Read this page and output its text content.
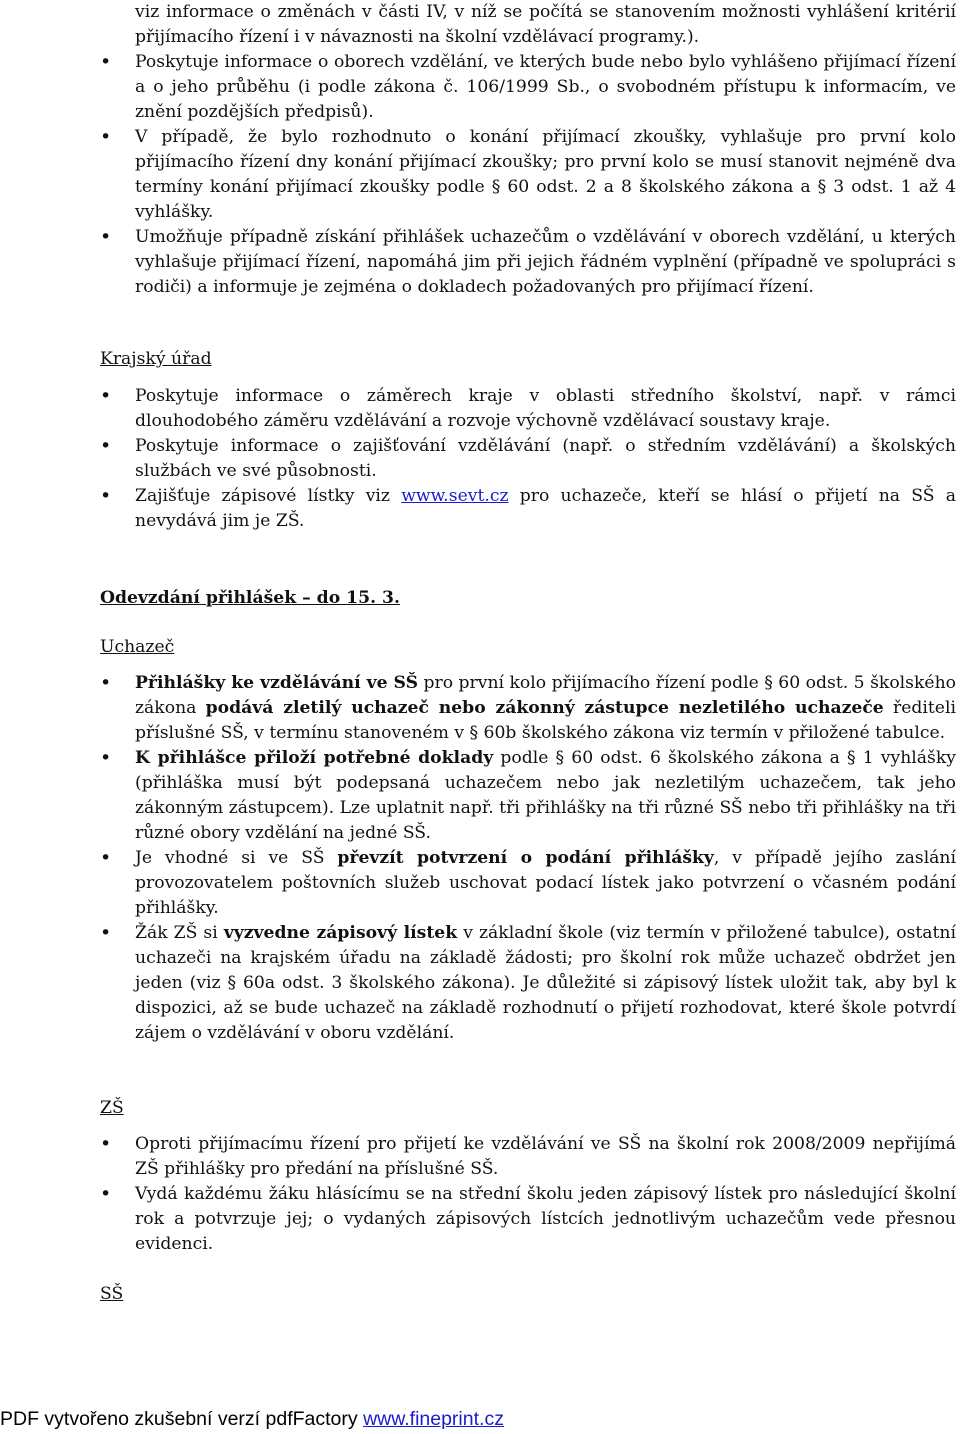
viz informace o změnách v části IV, v níž se počítá se stanovením možnosti vyhlášení kritérií přijímacího řízení i v návaznosti na školní vzdělávací programy.).
• Poskytuje informace o oborech vzdělání, ve kterých bude nebo bylo vyhlášeno přijímací řízení a o jeho průběhu (i podle zákona č. 106/1999 Sb., o svobodném přístupu k informacím, ve znění pozdějších předpisů).
• V případě, že bylo rozhodnuto o konání přijímací zkoušky, vyhlašuje pro první kolo přijímacího řízení dny konání přijímací zkoušky; pro první kolo se musí stanovit nejméně dva termíny konání přijímací zkoušky podle § 60 odst. 2 a 8 školského zákona a § 3 odst. 1 až 4 vyhlášky.
• Umožňuje případně získání přihlášek uchazečům o vzdělávání v oborech vzdělání, u kterých vyhlašuje přijímací řízení, napomáhá jim při jejich řádném vyplnění (případně ve spolupráci s rodiči) a informuje je zejména o dokladech požadovaných pro přijímací řízení.
Krajský úřad
• Poskytuje informace o záměrech kraje v oblasti středního školství, např. v rámci dlouhodobého záměru vzdělávání a rozvoje výchovně vzdělávací soustavy kraje.
• Poskytuje informace o zajišťování vzdělávání (např. o středním vzdělávání) a školských službách ve své působnosti.
• Zajišťuje zápisové lístky viz www.sevt.cz pro uchazeče, kteří se hlásí o přijetí na SŠ a nevydává jim je ZŠ.
Odevzdání přihlášek – do 15. 3.
Uchazeč
• Přihlášky ke vzdělávání ve SŠ pro první kolo přijímacího řízení podle § 60 odst. 5 školského zákona podává zletilý uchazeč nebo zákonný zástupce nezletilého uchazeče řediteli příslušné SŠ, v termínu stanoveném v § 60b školského zákona viz termín v přiložené tabulce.
• K přihlášce přiloží potřebné doklady podle § 60 odst. 6 školského zákona a § 1 vyhlášky (přihláška musí být podepsaná uchazečem nebo jak nezletilým uchazečem, tak jeho zákonným zástupcem). Lze uplatnit např. tři přihlášky na tři různé SŠ nebo tři přihlášky na tři různé obory vzdělání na jedné SŠ.
• Je vhodné si ve SŠ převzít potvrzení o podání přihlášky, v případě jejího zaslání provozovatelem poštovních služeb uschovat podací lístek jako potvrzení o včasném podání přihlášky.
• Žák ZŠ si vyzvedne zápisový lístek v základní škole (viz termín v přiložené tabulce), ostatní uchazeči na krajském úřadu na základě žádosti; pro školní rok může uchazeč obdržet jen jeden (viz § 60a odst. 3 školského zákona). Je důležité si zápisový lístek uložit tak, aby byl k dispozici, až se bude uchazeč na základě rozhodnutí o přijetí rozhodovat, které škole potvrdí zájem o vzdělávání v oboru vzdělání.
ZŠ
• Oproti přijímacímu řízení pro přijetí ke vzdělávání ve SŠ na školní rok 2008/2009 nepřijímá ZŠ přihlášky pro předání na příslušné SŠ.
• Vydá každému žáku hlásícímu se na střední školu jeden zápisový lístek pro následující školní rok a potvrzuje jej; o vydaných zápisových lístcích jednotlivým uchazečům vede přesnou evidenci.
SŠ
PDF vytvořeno zkušební verzí pdfFactory www.fineprint.cz
